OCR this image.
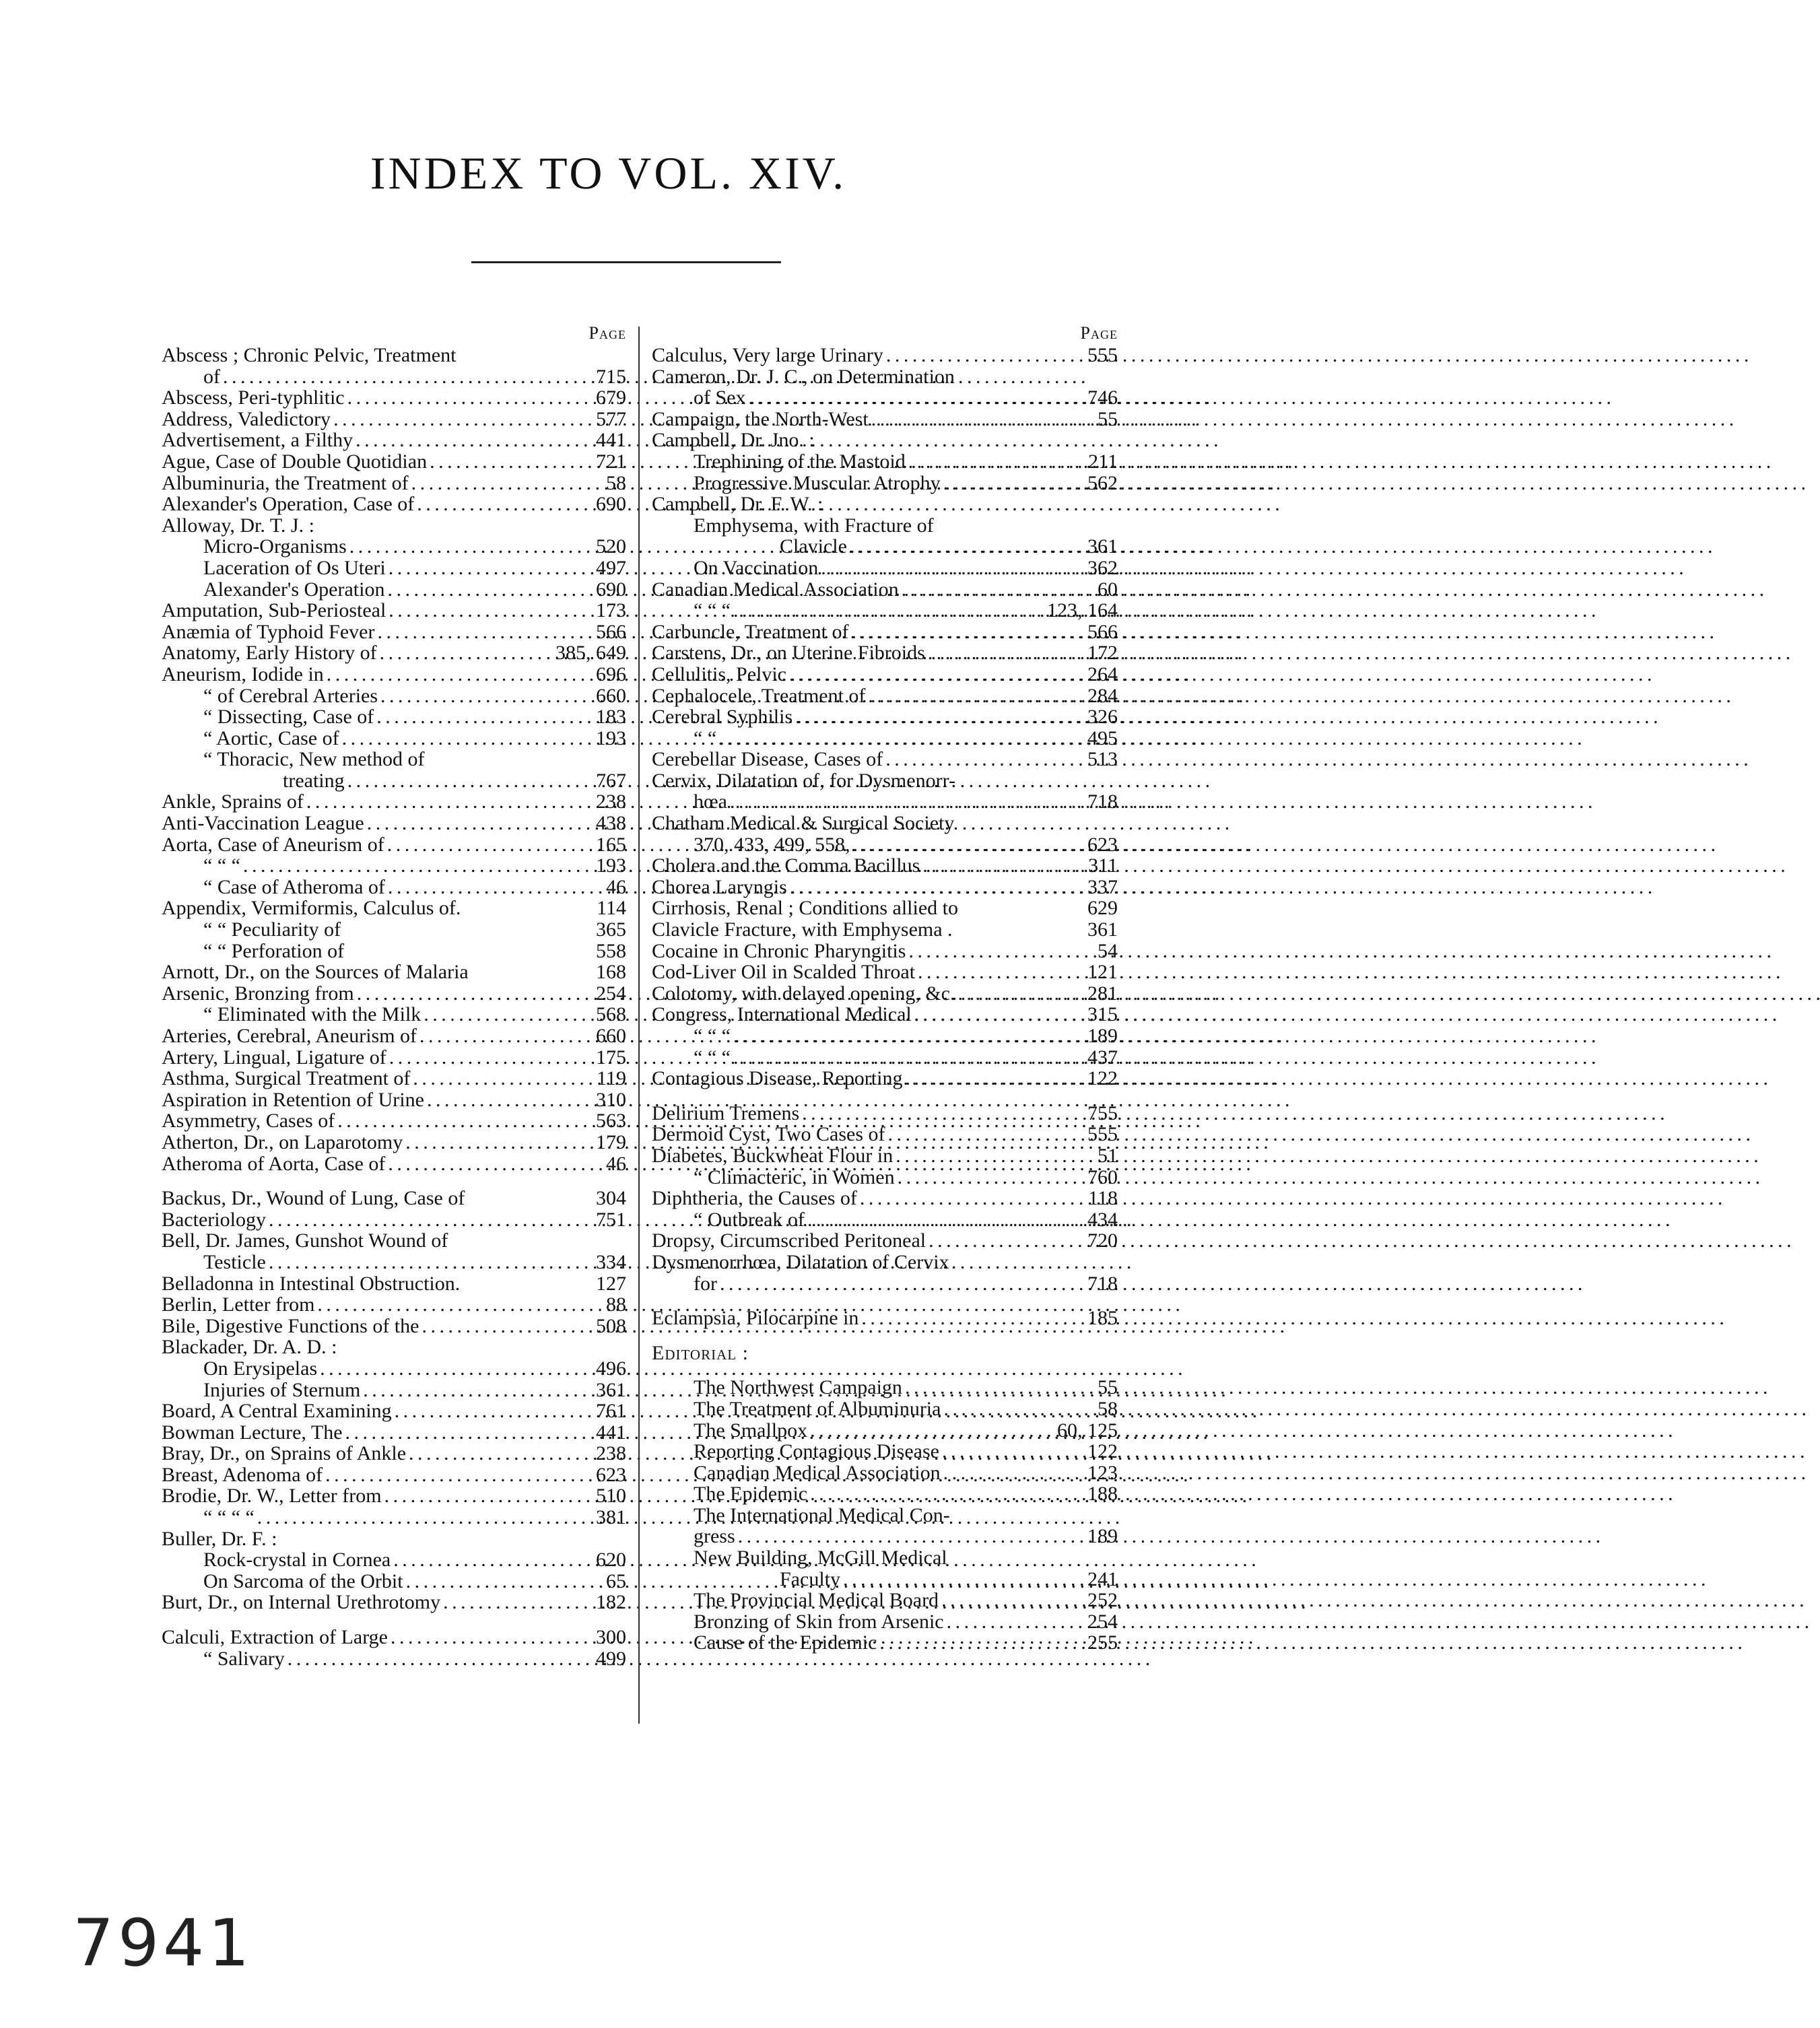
INDEX TO VOL. XIV.
Page
Abscess ; Chronic Pelvic, Treatment
of . . .	715
Abscess, Peri-typhlitic . . .	679
Address, Valedictory . . .	577
Advertisement, a Filthy . . .	441
Ague, Case of Double Quotidian . . .	721
Albuminuria, the Treatment of . . .	58
Alexander's Operation, Case of . . .	690
Alloway, Dr. T. J. :
Micro-Organisms . . .	520
Laceration of Os Uteri . . .	497
Alexander's Operation . . .	690
Amputation, Sub-Periosteal . . .	173
Anæmia of Typhoid Fever . . .	566
Anatomy, Early History of . . .	385, 649
Aneurism, Iodide in . . .	696
“ of Cerebral Arteries . . .	660
“ Dissecting, Case of . . .	183
“ Aortic, Case of . . .	193
“ Thoracic, New method of
treating . . .	767
Ankle, Sprains of . . .	238
Anti-Vaccination League . . .	438
Aorta, Case of Aneurism of . . .	165
“ “ “ . . .	193
“ Case of Atheroma of . . .	46
Appendix, Vermiformis, Calculus of.	114
“ “ Peculiarity of	365
“ “ Perforation of	558
Arnott, Dr., on the Sources of Malaria	168
Arsenic, Bronzing from . . .	254
“ Eliminated with the Milk . . .	568
Arteries, Cerebral, Aneurism of . . .	660
Artery, Lingual, Ligature of . . .	175
Asthma, Surgical Treatment of . . .	119
Aspiration in Retention of Urine . . .	310
Asymmetry, Cases of . . .	563
Atherton, Dr., on Laparotomy . . .	179
Atheroma of Aorta, Case of . . .	46
Backus, Dr., Wound of Lung, Case of	304
Bacteriology . . .	751
Bell, Dr. James, Gunshot Wound of
Testicle . . .	334
Belladonna in Intestinal Obstruction.	127
Berlin, Letter from . . .	88
Bile, Digestive Functions of the . . .	508
Blackader, Dr. A. D. :
On Erysipelas . . .	496
Injuries of Sternum . . .	361
Board, A Central Examining . . .	761
Bowman Lecture, The . . .	441
Bray, Dr., on Sprains of Ankle . . .	238
Breast, Adenoma of . . .	623
Brodie, Dr. W., Letter from . . .	510
“ “ “ “ . . .	381
Buller, Dr. F. :
Rock-crystal in Cornea . . .	620
On Sarcoma of the Orbit . . .	65
Burt, Dr., on Internal Urethrotomy . . .	182
Calculi, Extraction of Large . . .	300
“ Salivary . . .	499
Page
Calculus, Very large Urinary . . .	555
Cameron, Dr. J. C., on Determination
of Sex . . .	746
Campaign, the North-West . . .	55
Campbell, Dr. Jno. :
Trephining of the Mastoid . . .	211
Progressive Muscular Atrophy . . .	562
Campbell, Dr. F. W. :
Emphysema, with Fracture of
Clavicle . . .	361
On Vaccination . . .	362
Canadian Medical Association . . .	60
“ “ “ . . .	123, 164
Carbuncle, Treatment of . . .	566
Carstens, Dr., on Uterine Fibroids . . .	172
Cellulitis, Pelvic . . .	264
Cephalocele, Treatment of . . .	284
Cerebral Syphilis . . .	326
“ “ . . .	495
Cerebellar Disease, Cases of . . .	513
Cervix, Dilatation of, for Dysmenorr-
hœa . . .	718
Chatham Medical & Surgical Society
370, 433, 499, 558, . . .	623
Cholera and the Comma Bacillus . . .	311
Chorea Laryngis . . .	337
Cirrhosis, Renal ; Conditions allied to	629
Clavicle Fracture, with Emphysema .	361
Cocaine in Chronic Pharyngitis . . .	54
Cod-Liver Oil in Scalded Throat . . .	121
Colotomy, with delayed opening, &c. . . .	281
Congress, International Medical . . .	315
“ “ “ . . .	189
“ “ “ . . .	437
Contagious Disease, Reporting . . .	122
Delirium Tremens . . .	755
Dermoid Cyst, Two Cases of . . .	555
Diabetes, Buckwheat Flour in . . .	51
“ Climacteric, in Women . . .	760
Diphtheria, the Causes of . . .	118
“ Outbreak of . . .	434
Dropsy, Circumscribed Peritoneal . . .	720
Dysmenorrhœa, Dilatation of Cervix
for . . .	718
Eclampsia, Pilocarpine in . . .	185
Editorial :
The Northwest Campaign . . .	55
The Treatment of Albuminuria . . .	58
The Smallpox . . .	60, 125
Reporting Contagious Disease . . .	122
Canadian Medical Association . . .	123
The Epidemic . . .	188
The International Medical Con-
gress . . .	189
New Building, McGill Medical
Faculty . . .	241
The Provincial Medical Board . . .	252
Bronzing of Skin from Arsenic . . .	254
Cause of the Epidemic . . .	255
7941
